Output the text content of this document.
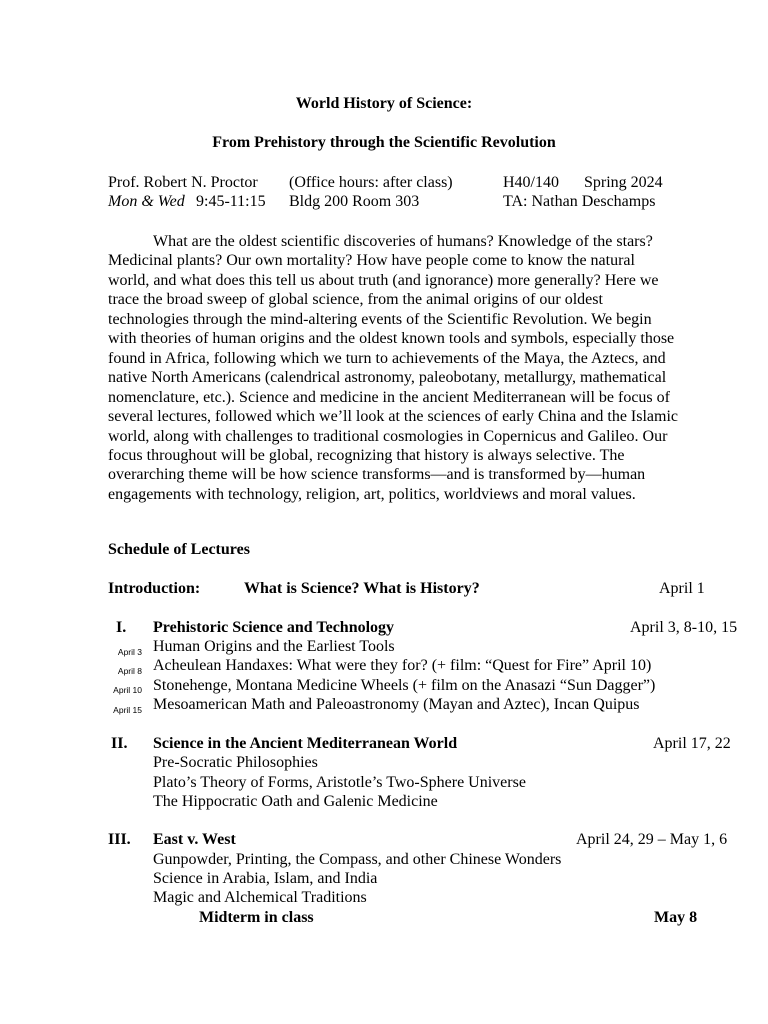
World History of Science:
From Prehistory through the Scientific Revolution
Prof. Robert N. Proctor (Office hours: after class)	H40/140 Spring 2024
Mon & Wed 9:45-11:15 Bldg 200 Room 303	TA: Nathan Deschamps
What are the oldest scientific discoveries of humans? Knowledge of the stars? Medicinal plants? Our own mortality? How have people come to know the natural world, and what does this tell us about truth (and ignorance) more generally? Here we trace the broad sweep of global science, from the animal origins of our oldest technologies through the mind-altering events of the Scientific Revolution. We begin with theories of human origins and the oldest known tools and symbols, especially those found in Africa, following which we turn to achievements of the Maya, the Aztecs, and native North Americans (calendrical astronomy, paleobotany, metallurgy, mathematical nomenclature, etc.). Science and medicine in the ancient Mediterranean will be focus of several lectures, followed which we’ll look at the sciences of early China and the Islamic world, along with challenges to traditional cosmologies in Copernicus and Galileo. Our focus throughout will be global, recognizing that history is always selective. The overarching theme will be how science transforms—and is transformed by—human engagements with technology, religion, art, politics, worldviews and moral values.
Schedule of Lectures
Introduction:	What is Science? What is History?	April 1
I. Prehistoric Science and Technology	April 3, 8-10, 15
April 3 Human Origins and the Earliest Tools
April 8 Acheulean Handaxes: What were they for? (+ film: “Quest for Fire” April 10)
April 10 Stonehenge, Montana Medicine Wheels (+ film on the Anasazi “Sun Dagger”)
April 15 Mesoamerican Math and Paleoastronomy (Mayan and Aztec), Incan Quipus
II. Science in the Ancient Mediterranean World	April 17, 22
Pre-Socratic Philosophies
Plato’s Theory of Forms, Aristotle’s Two-Sphere Universe
The Hippocratic Oath and Galenic Medicine
III. East v. West	April 24, 29 – May 1, 6
Gunpowder, Printing, the Compass, and other Chinese Wonders
Science in Arabia, Islam, and India
Magic and Alchemical Traditions
Midterm in class	May 8
